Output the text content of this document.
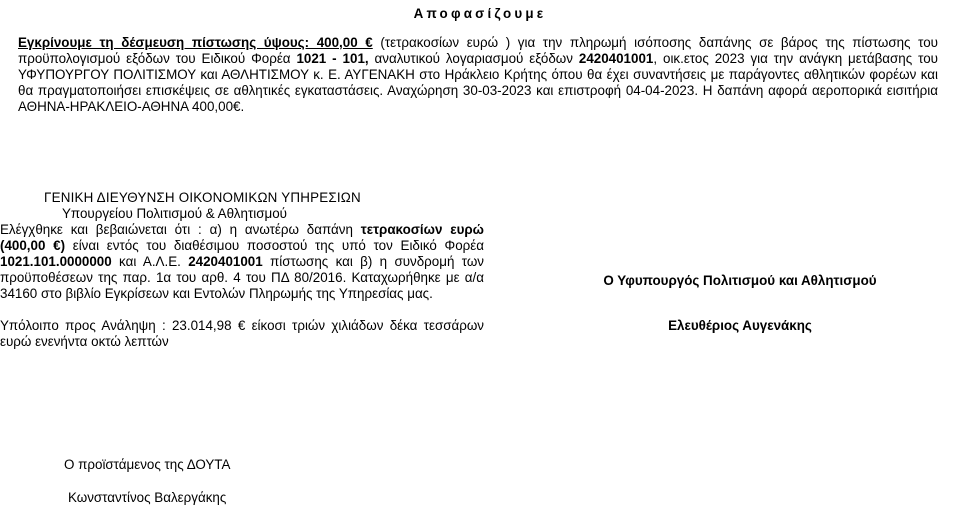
Αποφασίζουμε

Εγκρίνουμε τη δέσμευση πίστωσης ύψους: 400,00 € (τετρακοσίων ευρώ ) για την πληρωμή ισόποσης δαπάνης σε βάρος της πίστωσης του προϋπολογισμού εξόδων του Ειδικού Φορέα 1021 - 101, αναλυτικού λογαριασμού εξόδων 2420401001, οικ.ετος 2023 για την ανάγκη μετάβασης του ΥΦΥΠΟΥΡΓΟΥ ΠΟΛΙΤΙΣΜΟΥ και ΑΘΛΗΤΙΣΜΟΥ κ. Ε. ΑΥΓΕΝΑΚΗ στο Ηράκλειο Κρήτης όπου θα έχει συναντήσεις με παράγοντες αθλητικών φορέων και θα πραγματοποιήσει επισκέψεις σε αθλητικές εγκαταστάσεις. Αναχώρηση 30-03-2023 και επιστροφή 04-04-2023. Η δαπάνη αφορά αεροπορικά εισιτήρια ΑΘΗΝΑ-ΗΡΑΚΛΕΙΟ-ΑΘΗΝΑ 400,00€.

ΓΕΝΙΚΗ ΔΙΕΥΘΥΝΣΗ ΟΙΚΟΝΟΜΙΚΩΝ ΥΠΗΡΕΣΙΩΝ
Υπουργείου Πολιτισμού & Αθλητισμού

Ελέγχθηκε και βεβαιώνεται ότι : α) η ανωτέρω δαπάνη τετρακοσίων ευρώ (400,00 €) είναι εντός του διαθέσιμου ποσοστού της υπό τον Ειδικό Φορέα 1021.101.0000000 και Α.Λ.Ε. 2420401001 πίστωσης και β) η συνδρομή των προϋποθέσεων της παρ. 1α του αρθ. 4 του ΠΔ 80/2016. Καταχωρήθηκε με α/α 34160 στο βιβλίο Εγκρίσεων και Εντολών Πληρωμής της Υπηρεσίας μας.

Υπόλοιπο προς Ανάληψη : 23.014,98 € είκοσι τριών χιλιάδων δέκα τεσσάρων ευρώ ενενήντα οκτώ λεπτών

Ο προϊστάμενος της ΔΟΥΤΑ
Κωνσταντίνος Βαλεργάκης
Ο Υφυπουργός Πολιτισμού και Αθλητισμού
Ελευθέριος Αυγενάκης
